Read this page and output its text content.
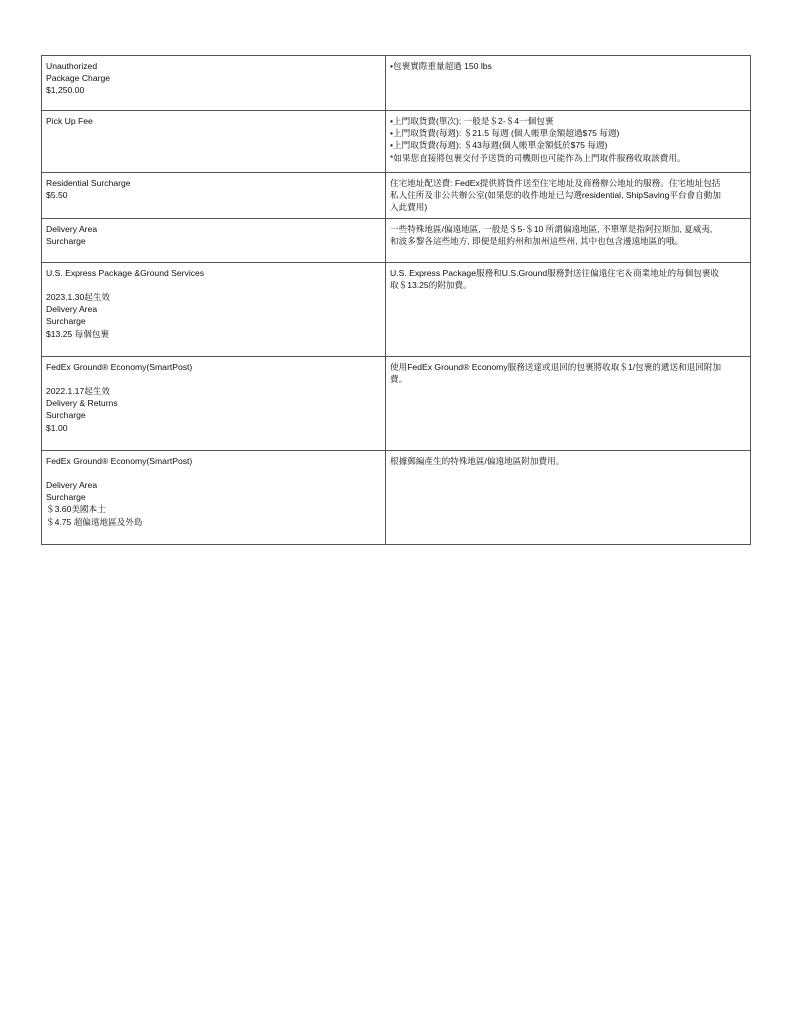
Unauthorized
Package Charge
$1,250.00	•包裹實際重量超過 150 lbs

Pick Up Fee	•上門取貨費(單次): 一般是＄2-＄4一個包裹
•上門取貨費(每週): ＄21.5 每週 (個人帳單金額超過$75 每週)
•上門取貨費(每週): ＄43每週(個人帳單金額低於$75 每週)
*如果您直接將包裹交付予送貨的司機則也可能作為上門取件服務收取該費用。

Residential Surcharge
$5.50	住宅地址配送費: FedEx提供將貨件送至住宅地址及商務辦公地址的服務。住宅地址包括
私人住所及非公共辦公室(如果您的收件地址已勾選residential, ShipSaving平台會自動加
入此費用)

Delivery Area
Surcharge	一些特殊地區/偏遠地區, 一般是＄5-＄10 所謂偏遠地區, 不單單是指阿拉斯加, 夏威夷,
和波多黎各這些地方, 即便是紐約州和加州這些州, 其中也包含邊遠地區的哦。

U.S. Express Package &Ground Services
2023.1.30起生效
Delivery Area
Surcharge
$13.25 每個包裹	U.S. Express Package服務和U.S.Ground服務對送往偏遠住宅＆商業地址的每個包裹收
取＄13.25的附加費。

FedEx Ground® Economy(SmartPost)
2022.1.17起生效
Delivery & Returns
Surcharge
$1.00	使用FedEx Ground® Economy服務送達或退回的包裹將收取＄1/包裹的遞送和退回附加
費。

FedEx Ground® Economy(SmartPost)
Delivery Area
Surcharge
＄3.60美國本土
＄4.75 超偏遠地區及外島	根據郵編產生的特殊地區/偏遠地區附加費用。
